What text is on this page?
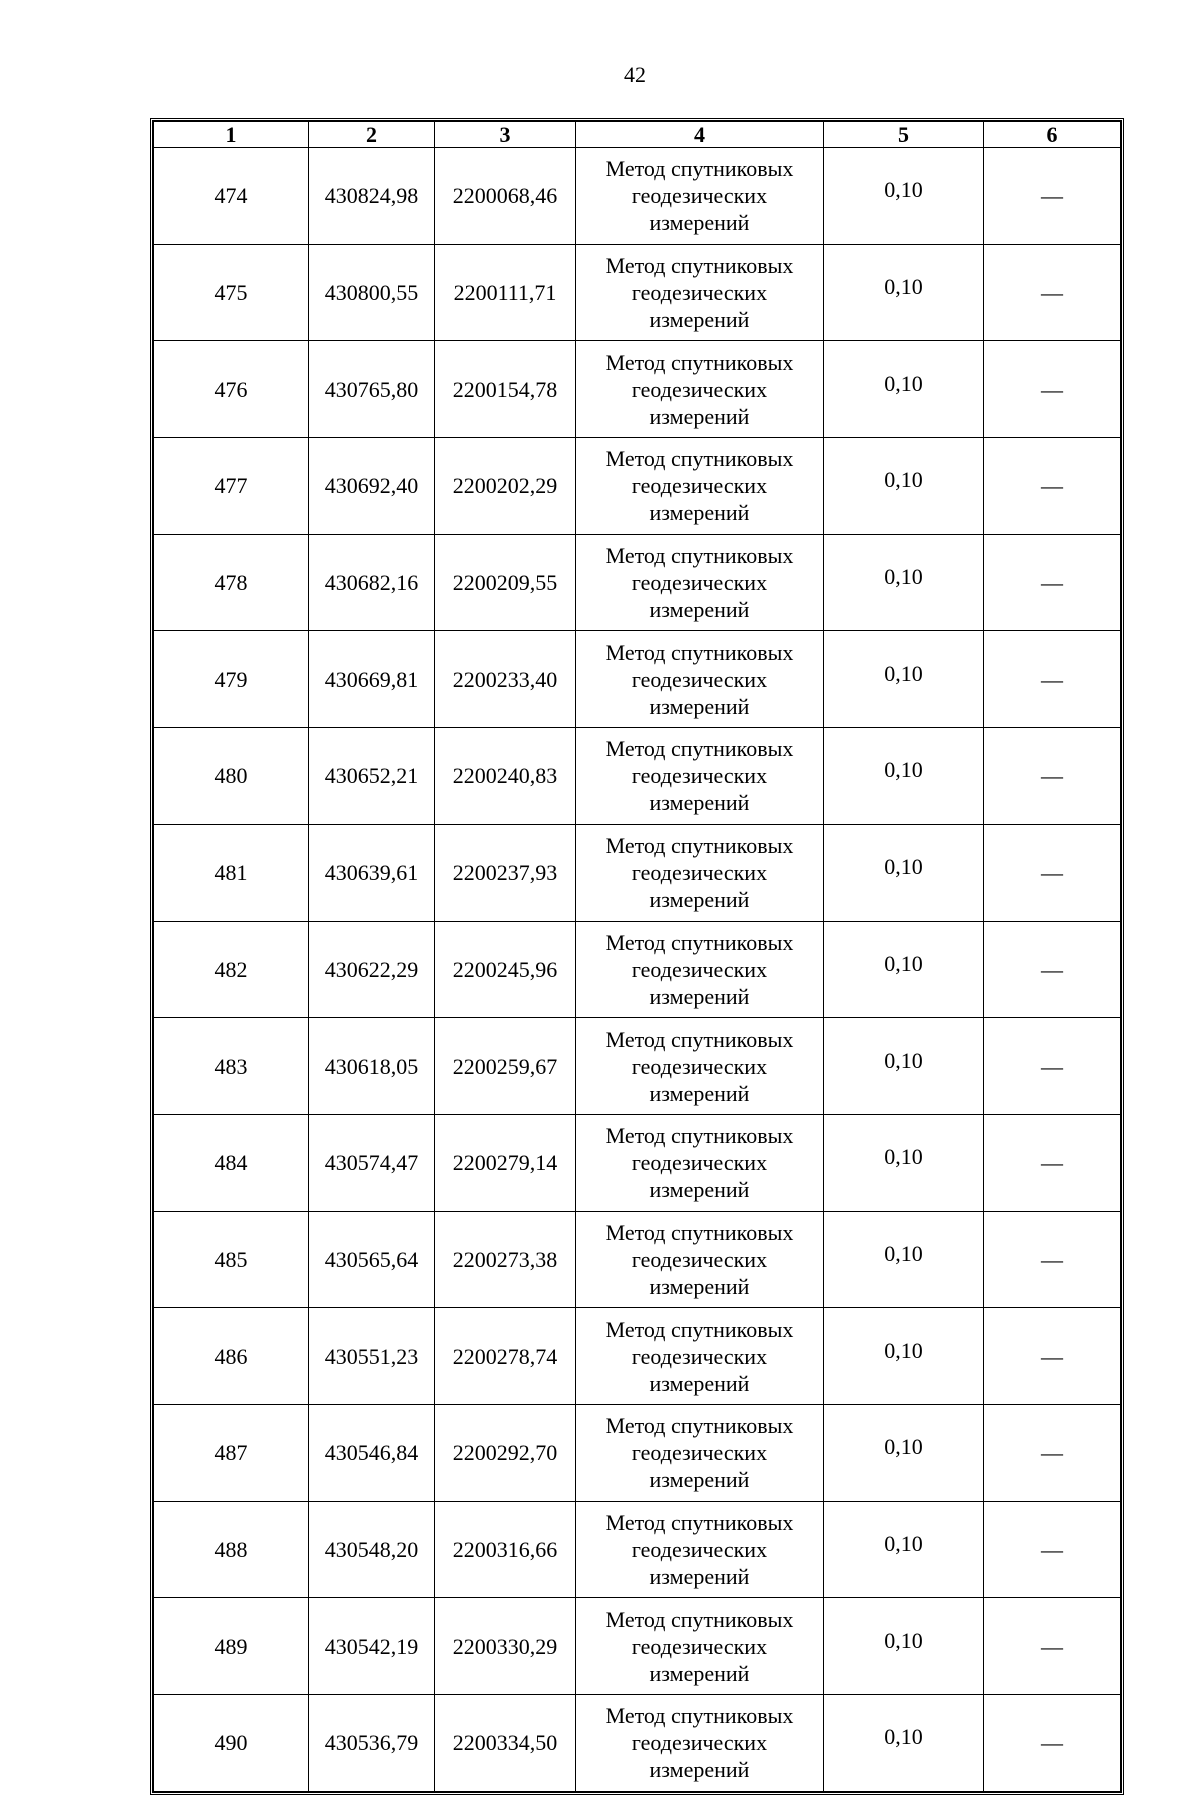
42
1	2	3	4	5	6
474	430824,98	2200068,46	Метод спутниковых
геодезических
измерений	0,10	—
475	430800,55	2200111,71	Метод спутниковых
геодезических
измерений	0,10	—
476	430765,80	2200154,78	Метод спутниковых
геодезических
измерений	0,10	—
477	430692,40	2200202,29	Метод спутниковых
геодезических
измерений	0,10	—
478	430682,16	2200209,55	Метод спутниковых
геодезических
измерений	0,10	—
479	430669,81	2200233,40	Метод спутниковых
геодезических
измерений	0,10	—
480	430652,21	2200240,83	Метод спутниковых
геодезических
измерений	0,10	—
481	430639,61	2200237,93	Метод спутниковых
геодезических
измерений	0,10	—
482	430622,29	2200245,96	Метод спутниковых
геодезических
измерений	0,10	—
483	430618,05	2200259,67	Метод спутниковых
геодезических
измерений	0,10	—
484	430574,47	2200279,14	Метод спутниковых
геодезических
измерений	0,10	—
485	430565,64	2200273,38	Метод спутниковых
геодезических
измерений	0,10	—
486	430551,23	2200278,74	Метод спутниковых
геодезических
измерений	0,10	—
487	430546,84	2200292,70	Метод спутниковых
геодезических
измерений	0,10	—
488	430548,20	2200316,66	Метод спутниковых
геодезических
измерений	0,10	—
489	430542,19	2200330,29	Метод спутниковых
геодезических
измерений	0,10	—
490	430536,79	2200334,50	Метод спутниковых
геодезических
измерений	0,10	—
